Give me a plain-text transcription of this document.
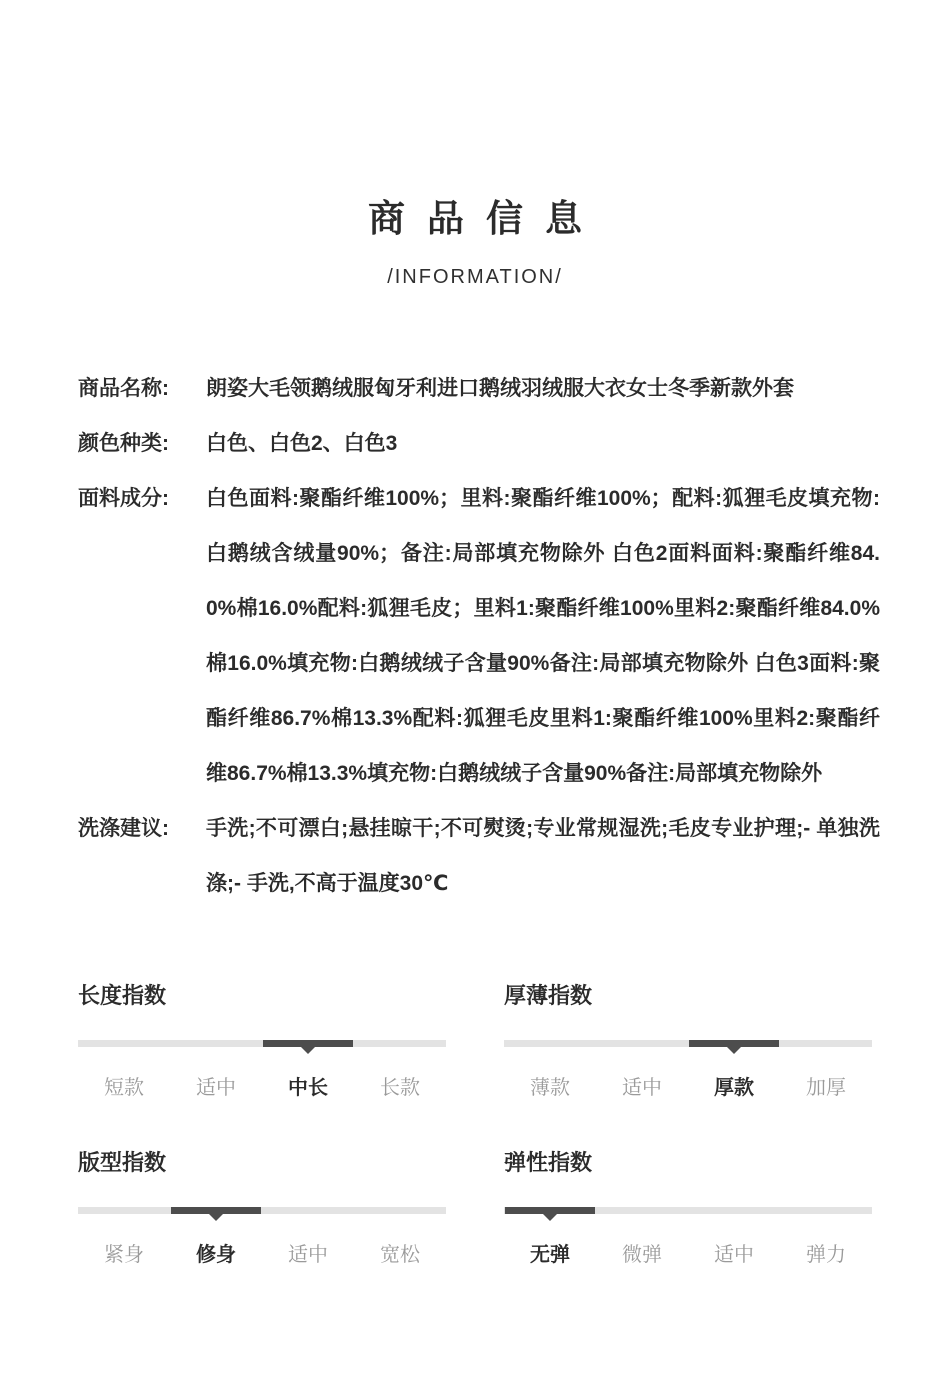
商品信息
/INFORMATION/
商品名称:	朗姿大毛领鹅绒服匈牙利进口鹅绒羽绒服大衣女士冬季新款外套
颜色种类:	白色、白色2、白色3
面料成分:	白色面料:聚酯纤维100%；里料:聚酯纤维100%；配料:狐狸毛皮填充物:白鹅绒含绒量90%；备注:局部填充物除外 白色2面料面料:聚酯纤维84.0%棉16.0%配料:狐狸毛皮；里料1:聚酯纤维100%里料2:聚酯纤维84.0%棉16.0%填充物:白鹅绒绒子含量90%备注:局部填充物除外 白色3面料:聚酯纤维86.7%棉13.3%配料:狐狸毛皮里料1:聚酯纤维100%里料2:聚酯纤维86.7%棉13.3%填充物:白鹅绒绒子含量90%备注:局部填充物除外
洗涤建议:	手洗;不可漂白;悬挂晾干;不可熨烫;专业常规湿洗;毛皮专业护理;- 单独洗涤;- 手洗,不高于温度30℃
长度指数
短款	适中	中长	长款
厚薄指数
薄款	适中	厚款	加厚
版型指数
紧身	修身	适中	宽松
弹性指数
无弹	微弹	适中	弹力
